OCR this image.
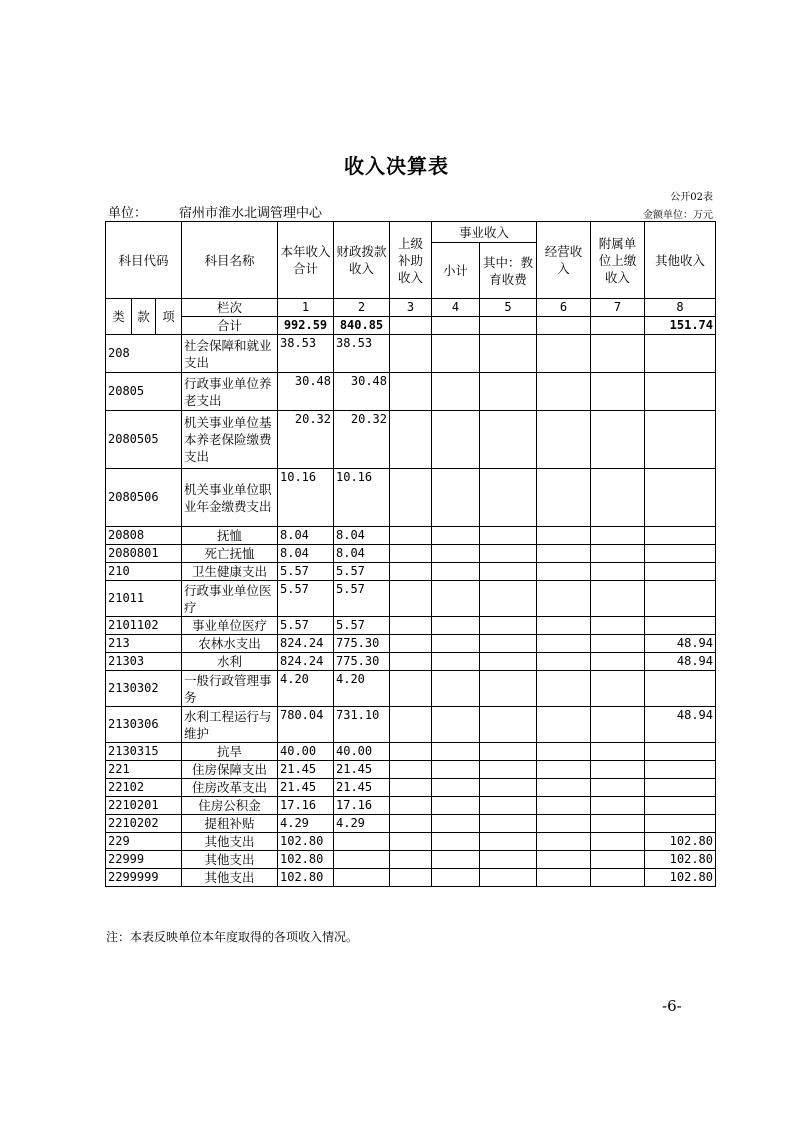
收入决算表
公开02表
单位： 宿州市淮水北调管理中心	金额单位：万元
科目代码			科目名称	本年收入合计	财政拨款收入	上级补助收入	事业收入		经营收入	附属单位上缴收入	其他收入
							小计	其中：教育收费			
类	款	项	栏次	1	2	3	4	5	6	7	8
			合计	992.59	840.85						151.74
208			社会保障和就业支出	38.53	38.53						
20805			行政事业单位养老支出	30.48	30.48						
2080505			机关事业单位基本养老保险缴费支出	20.32	20.32						
2080506			机关事业单位职业年金缴费支出	10.16	10.16						
20808			抚恤	8.04	8.04						
2080801			死亡抚恤	8.04	8.04						
210			卫生健康支出	5.57	5.57						
21011			行政事业单位医疗	5.57	5.57						
2101102			事业单位医疗	5.57	5.57						
213			农林水支出	824.24	775.30						48.94
21303			水利	824.24	775.30						48.94
2130302			一般行政管理事务	4.20	4.20						
2130306			水利工程运行与维护	780.04	731.10						48.94
2130315			抗旱	40.00	40.00						
221			住房保障支出	21.45	21.45						
22102			住房改革支出	21.45	21.45						
2210201			住房公积金	17.16	17.16						
2210202			提租补贴	4.29	4.29						
229			其他支出	102.80							102.80
22999			其他支出	102.80							102.80
2299999			其他支出	102.80							102.80
注：本表反映单位本年度取得的各项收入情况。
-6-
